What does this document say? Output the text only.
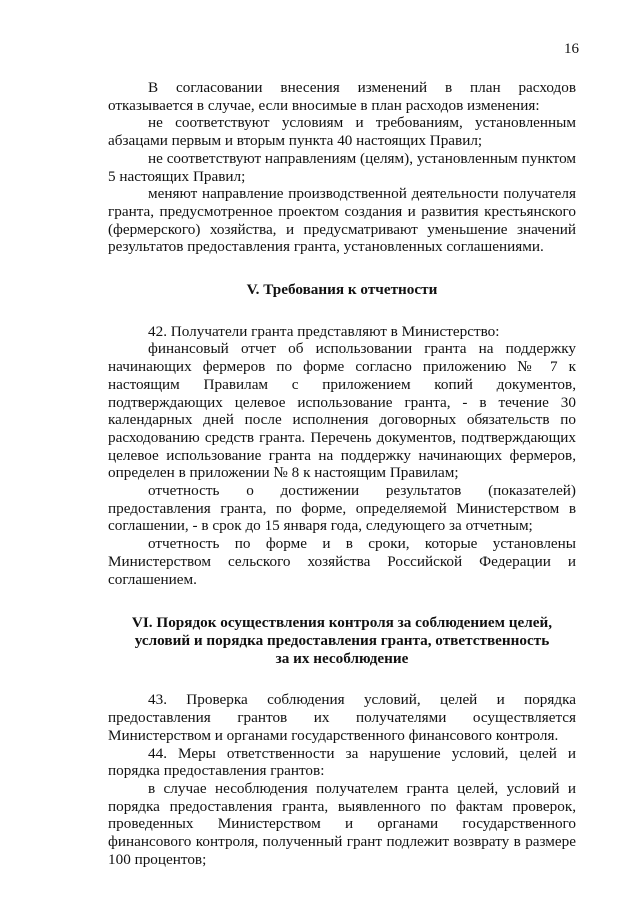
16

В согласовании внесения изменений в план расходов отказывается в случае, если вносимые в план расходов изменения:

не соответствуют условиям и требованиям, установленным абзацами первым и вторым пункта 40 настоящих Правил;

не соответствуют направлениям (целям), установленным пунктом 5 настоящих Правил;

меняют направление производственной деятельности получателя гранта, предусмотренное проектом создания и развития крестьянского (фермерского) хозяйства, и предусматривают уменьшение значений результатов предоставления гранта, установленных соглашениями.

V. Требования к отчетности

42. Получатели гранта представляют в Министерство:

финансовый отчет об использовании гранта на поддержку начинающих фермеров по форме согласно приложению № 7 к настоящим Правилам с приложением копий документов, подтверждающих целевое использование гранта, - в течение 30 календарных дней после исполнения договорных обязательств по расходованию средств гранта. Перечень документов, подтверждающих целевое использование гранта на поддержку начинающих фермеров, определен в приложении № 8 к настоящим Правилам;

отчетность о достижении результатов (показателей) предоставления гранта, по форме, определяемой Министерством в соглашении, - в срок до 15 января года, следующего за отчетным;

отчетность по форме и в сроки, которые установлены Министерством сельского хозяйства Российской Федерации и соглашением.

VI. Порядок осуществления контроля за соблюдением целей,
условий и порядка предоставления гранта, ответственность
за их несоблюдение

43. Проверка соблюдения условий, целей и порядка предоставления грантов их получателями осуществляется Министерством и органами государственного финансового контроля.

44. Меры ответственности за нарушение условий, целей и порядка предоставления грантов:

в случае несоблюдения получателем гранта целей, условий и порядка предоставления гранта, выявленного по фактам проверок, проведенных Министерством и органами государственного финансового контроля, полученный грант подлежит возврату в размере 100 процентов;
